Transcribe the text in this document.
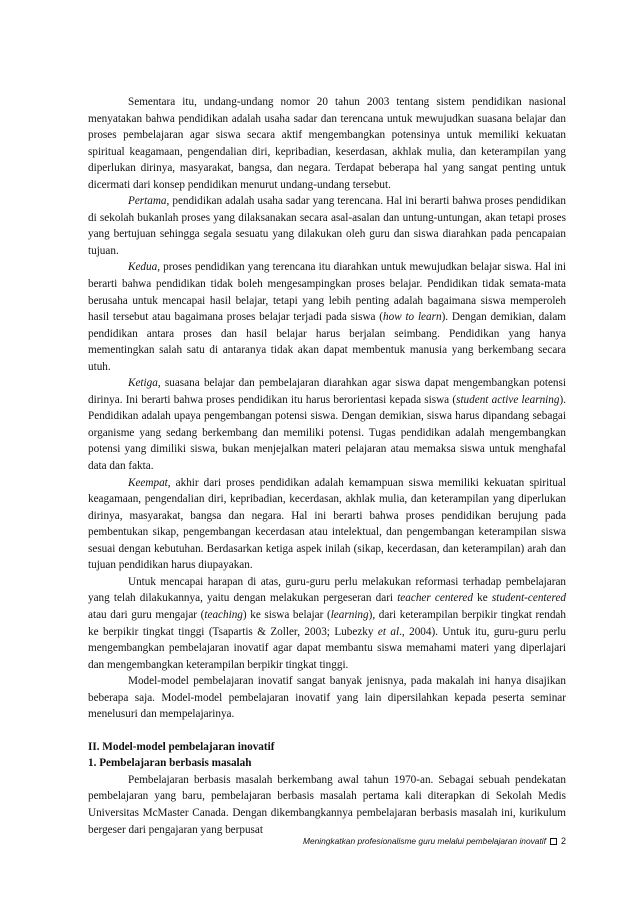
Sementara itu, undang-undang nomor 20 tahun 2003 tentang sistem pendidikan nasional menyatakan bahwa pendidikan adalah usaha sadar dan terencana untuk mewujudkan suasana belajar dan proses pembelajaran agar siswa secara aktif mengembangkan potensinya untuk memiliki kekuatan spiritual keagamaan, pengendalian diri, kepribadian, keserdasan, akhlak mulia, dan keterampilan yang diperlukan dirinya, masyarakat, bangsa, dan negara. Terdapat beberapa hal yang sangat penting untuk dicermati dari konsep pendidikan menurut undang-undang tersebut.

Pertama, pendidikan adalah usaha sadar yang terencana. Hal ini berarti bahwa proses pendidikan di sekolah bukanlah proses yang dilaksanakan secara asal-asalan dan untung-untungan, akan tetapi proses yang bertujuan sehingga segala sesuatu yang dilakukan oleh guru dan siswa diarahkan pada pencapaian tujuan.

Kedua, proses pendidikan yang terencana itu diarahkan untuk mewujudkan belajar siswa. Hal ini berarti bahwa pendidikan tidak boleh mengesampingkan proses belajar. Pendidikan tidak semata-mata berusaha untuk mencapai hasil belajar, tetapi yang lebih penting adalah bagaimana siswa memperoleh hasil tersebut atau bagaimana proses belajar terjadi pada siswa (how to learn). Dengan demikian, dalam pendidikan antara proses dan hasil belajar harus berjalan seimbang. Pendidikan yang hanya mementingkan salah satu di antaranya tidak akan dapat membentuk manusia yang berkembang secara utuh.

Ketiga, suasana belajar dan pembelajaran diarahkan agar siswa dapat mengembangkan potensi dirinya. Ini berarti bahwa proses pendidikan itu harus berorientasi kepada siswa (student active learning). Pendidikan adalah upaya pengembangan potensi siswa. Dengan demikian, siswa harus dipandang sebagai organisme yang sedang berkembang dan memiliki potensi. Tugas pendidikan adalah mengembangkan potensi yang dimiliki siswa, bukan menjejalkan materi pelajaran atau memaksa siswa untuk menghafal data dan fakta.

Keempat, akhir dari proses pendidikan adalah kemampuan siswa memiliki kekuatan spiritual keagamaan, pengendalian diri, kepribadian, kecerdasan, akhlak mulia, dan keterampilan yang diperlukan dirinya, masyarakat, bangsa dan negara. Hal ini berarti bahwa proses pendidikan berujung pada pembentukan sikap, pengembangan kecerdasan atau intelektual, dan pengembangan keterampilan siswa sesuai dengan kebutuhan. Berdasarkan ketiga aspek inilah (sikap, kecerdasan, dan keterampilan) arah dan tujuan pendidikan harus diupayakan.

Untuk mencapai harapan di atas, guru-guru perlu melakukan reformasi terhadap pembelajaran yang telah dilakukannya, yaitu dengan melakukan pergeseran dari teacher centered ke student-centered atau dari guru mengajar (teaching) ke siswa belajar (learning), dari keterampilan berpikir tingkat rendah ke berpikir tingkat tinggi (Tsapartis & Zoller, 2003; Lubezky et al., 2004). Untuk itu, guru-guru perlu mengembangkan pembelajaran inovatif agar dapat membantu siswa memahami materi yang diperlajari dan mengembangkan keterampilan berpikir tingkat tinggi.

Model-model pembelajaran inovatif sangat banyak jenisnya, pada makalah ini hanya disajikan beberapa saja. Model-model pembelajaran inovatif yang lain dipersilahkan kepada peserta seminar menelusuri dan mempelajarinya.

II. Model-model pembelajaran inovatif
1. Pembelajaran berbasis masalah

Pembelajaran berbasis masalah berkembang awal tahun 1970-an. Sebagai sebuah pendekatan pembelajaran yang baru, pembelajaran berbasis masalah pertama kali diterapkan di Sekolah Medis Universitas McMaster Canada. Dengan dikembangkannya pembelajaran berbasis masalah ini, kurikulum bergeser dari pengajaran yang berpusat

Meningkatkan profesionalisme guru melalui pembelajaran inovatif 2
